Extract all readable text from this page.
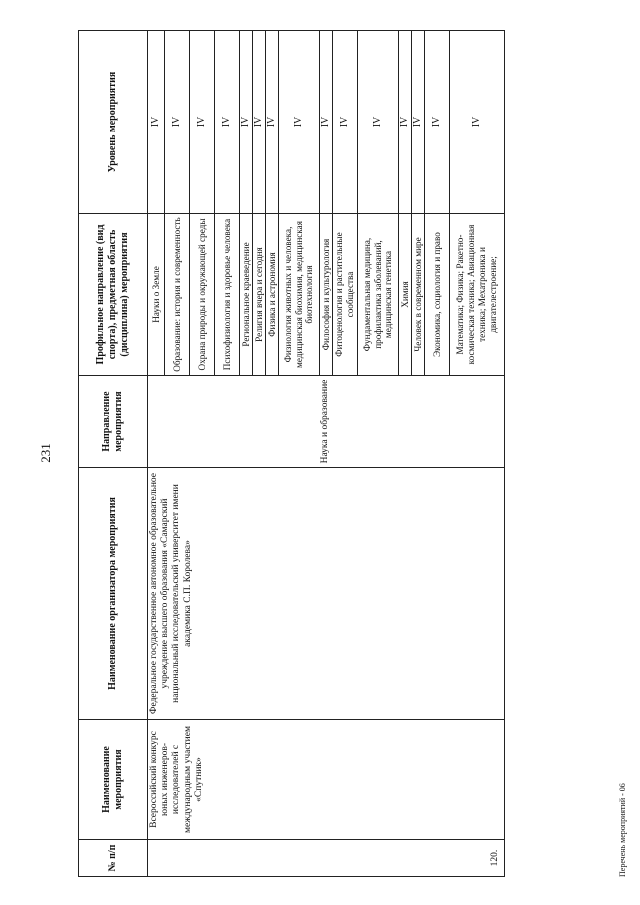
231
№ п/п	Наименование мероприятия	Наименование организатора мероприятия	Направление мероприятия	Профильное направление (вид спорта), предметная область (дисциплина) мероприятия	Уровень мероприятия
120.	Всероссийский конкурс юных инженеров-исследователей с международным участием «Спутник»	Федеральное государственное автономное образовательное учреждение высшего образования «Самарский национальный исследовательский университет имени академика С.П. Королева»	Наука и образование	Науки о Земле	IV
				Образование: история и современность	IV
				Охрана природы и окружающей среды	IV
				Психофизиология и здоровье человека	IV
				Региональное краеведение	IV
				Религия вчера и сегодня	IV
				Физика и астрономия	IV
				Физиология животных и человека, медицинская биохимия, медицинская биотехнология	IV
				Философия и культурология	IV
				Фитоценология и растительные сообщества	IV
				Фундаментальная медицина, профилактика заболеваний, медицинская генетика	IV
				Химия	IV
				Человек в современном мире	IV
				Экономика, социология и право	IV
				Математика; Физика; Ракетно-космическая техника; Авиационная техника; Мехатроника и двигателестроение;	IV
Перечень мероприятий - 06
